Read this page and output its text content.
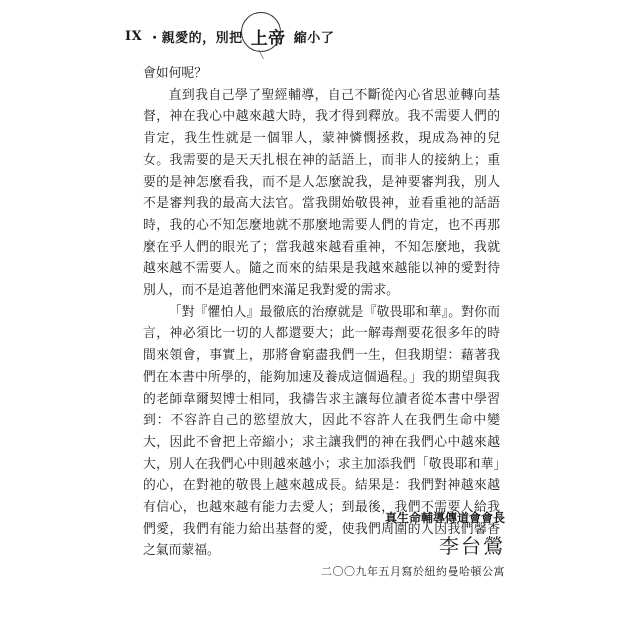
IX ・親愛的，別把 上帝
╲
縮小了

會如何呢？

直到我自己學了聖經輔導，自己不斷從內心省思並轉向基督，神在我心中越來越大時，我才得到釋放。我不需要人們的肯定，我生性就是一個罪人，蒙神憐憫拯救，現成為神的兒女。我需要的是天天扎根在神的話語上，而非人的接納上；重要的是神怎麼看我，而不是人怎麼說我，是神要審判我，別人不是審判我的最高大法官。當我開始敬畏神，並看重祂的話語時，我的心不知怎麼地就不那麼地需要人們的肯定，也不再那麼在乎人們的眼光了；當我越來越看重神，不知怎麼地，我就越來越不需要人。隨之而來的結果是我越來越能以神的愛對待別人，而不是追著他們來滿足我對愛的需求。

「對『懼怕人』最徹底的治療就是『敬畏耶和華』。對你而言，神必須比一切的人都還要大；此一解毒劑要花很多年的時間來領會，事實上，那將會窮盡我們一生，但我期望：藉著我們在本書中所學的，能夠加速及養成這個過程。」我的期望與我的老師韋爾契博士相同，我禱告求主讓每位讀者從本書中學習到：不容許自己的慾望放大，因此不容許人在我們生命中變大，因此不會把上帝縮小；求主讓我們的神在我們心中越來越大，別人在我們心中則越來越小；求主加添我們「敬畏耶和華」的心，在對祂的敬畏上越來越成長。結果是：我們對神越來越有信心，也越來越有能力去愛人；到最後，我們不需要人給我們愛，我們有能力給出基督的愛，使我們周圍的人因我們馨香之氣而蒙福。

真生命輔導傳道會會長
李台鶯
二〇〇九年五月寫於紐約曼哈頓公寓
